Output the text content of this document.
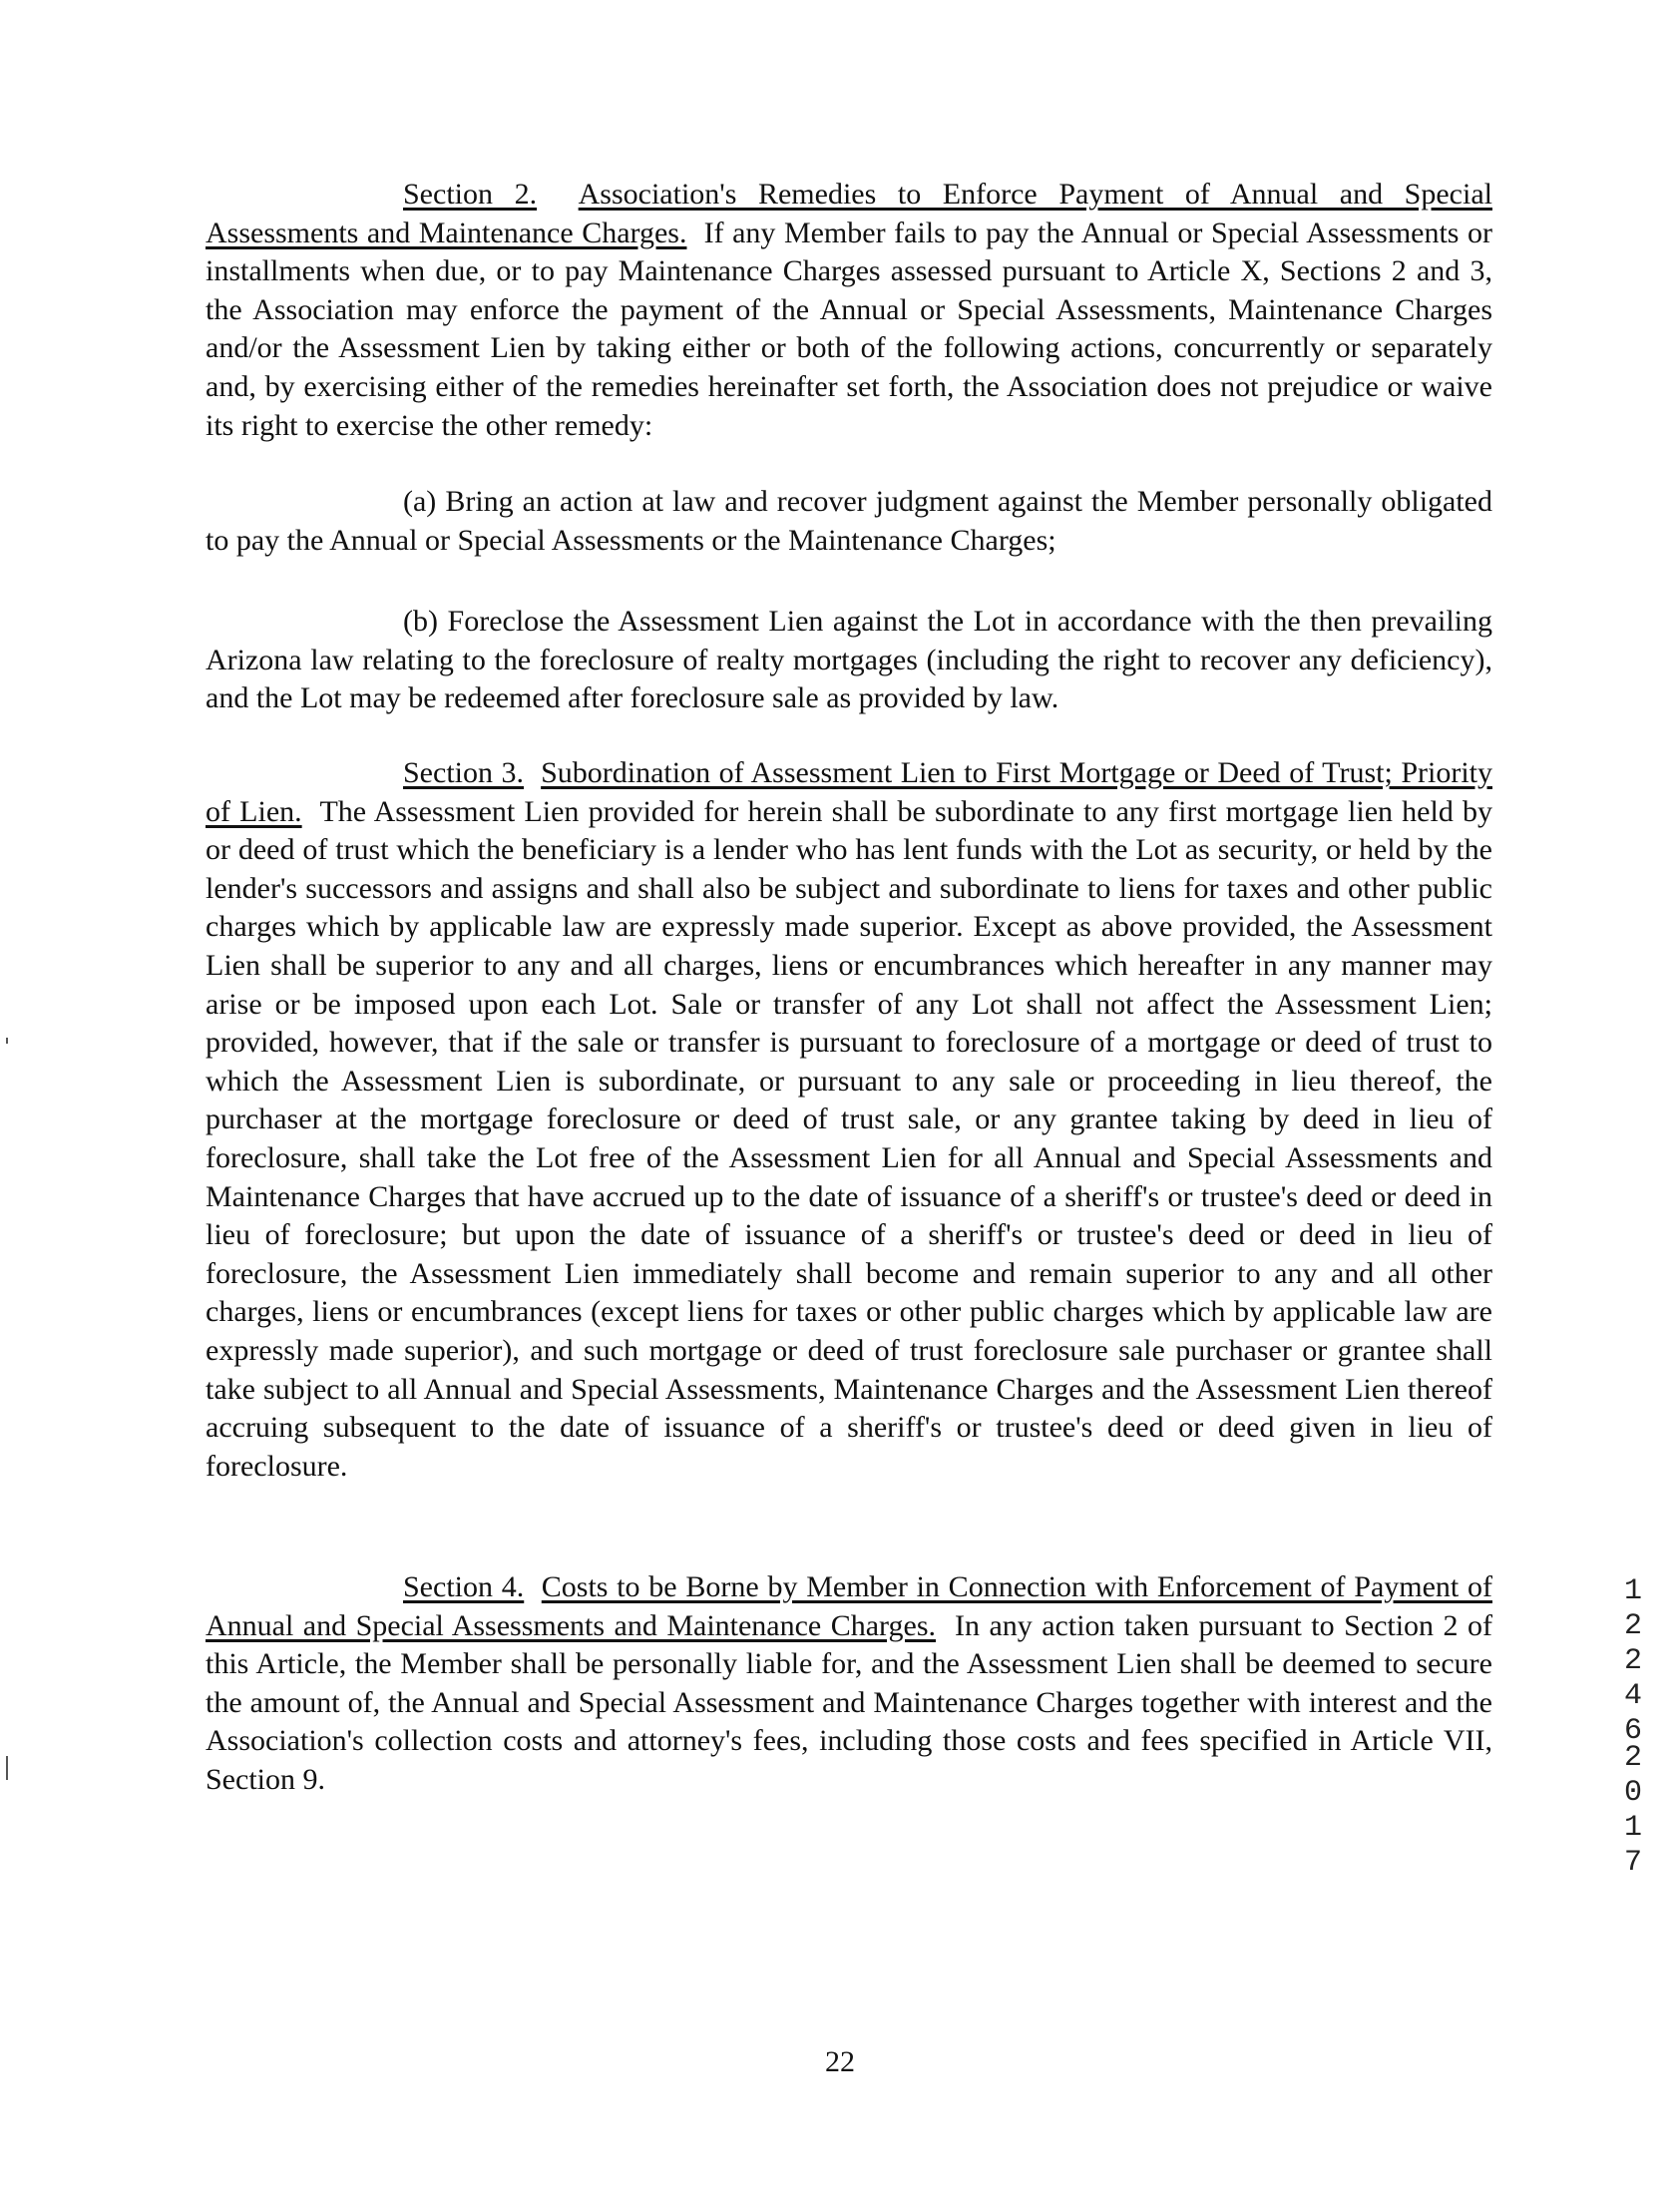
Section 2. Association's Remedies to Enforce Payment of Annual and Special Assessments and Maintenance Charges. If any Member fails to pay the Annual or Special Assessments or installments when due, or to pay Maintenance Charges assessed pursuant to Article X, Sections 2 and 3, the Association may enforce the payment of the Annual or Special Assessments, Maintenance Charges and/or the Assessment Lien by taking either or both of the following actions, concurrently or separately and, by exercising either of the remedies hereinafter set forth, the Association does not prejudice or waive its right to exercise the other remedy:

(a) Bring an action at law and recover judgment against the Member personally obligated to pay the Annual or Special Assessments or the Maintenance Charges;

(b) Foreclose the Assessment Lien against the Lot in accordance with the then prevailing Arizona law relating to the foreclosure of realty mortgages (including the right to recover any deficiency), and the Lot may be redeemed after foreclosure sale as provided by law.

Section 3. Subordination of Assessment Lien to First Mortgage or Deed of Trust; Priority of Lien. The Assessment Lien provided for herein shall be subordinate to any first mortgage lien held by or deed of trust which the beneficiary is a lender who has lent funds with the Lot as security, or held by the lender's successors and assigns and shall also be subject and subordinate to liens for taxes and other public charges which by applicable law are expressly made superior. Except as above provided, the Assessment Lien shall be superior to any and all charges, liens or encumbrances which hereafter in any manner may arise or be imposed upon each Lot. Sale or transfer of any Lot shall not affect the Assessment Lien; provided, however, that if the sale or transfer is pursuant to foreclosure of a mortgage or deed of trust to which the Assessment Lien is subordinate, or pursuant to any sale or proceeding in lieu thereof, the purchaser at the mortgage foreclosure or deed of trust sale, or any grantee taking by deed in lieu of foreclosure, shall take the Lot free of the Assessment Lien for all Annual and Special Assessments and Maintenance Charges that have accrued up to the date of issuance of a sheriff's or trustee's deed or deed in lieu of foreclosure; but upon the date of issuance of a sheriff's or trustee's deed or deed in lieu of foreclosure, the Assessment Lien immediately shall become and remain superior to any and all other charges, liens or encumbrances (except liens for taxes or other public charges which by applicable law are expressly made superior), and such mortgage or deed of trust foreclosure sale purchaser or grantee shall take subject to all Annual and Special Assessments, Maintenance Charges and the Assessment Lien thereof accruing subsequent to the date of issuance of a sheriff's or trustee's deed or deed given in lieu of foreclosure.

Section 4. Costs to be Borne by Member in Connection with Enforcement of Payment of Annual and Special Assessments and Maintenance Charges. In any action taken pursuant to Section 2 of this Article, the Member shall be personally liable for, and the Assessment Lien shall be deemed to secure the amount of, the Annual and Special Assessment and Maintenance Charges together with interest and the Association's collection costs and attorney's fees, including those costs and fees specified in Article VII, Section 9.

22
12246
2017
